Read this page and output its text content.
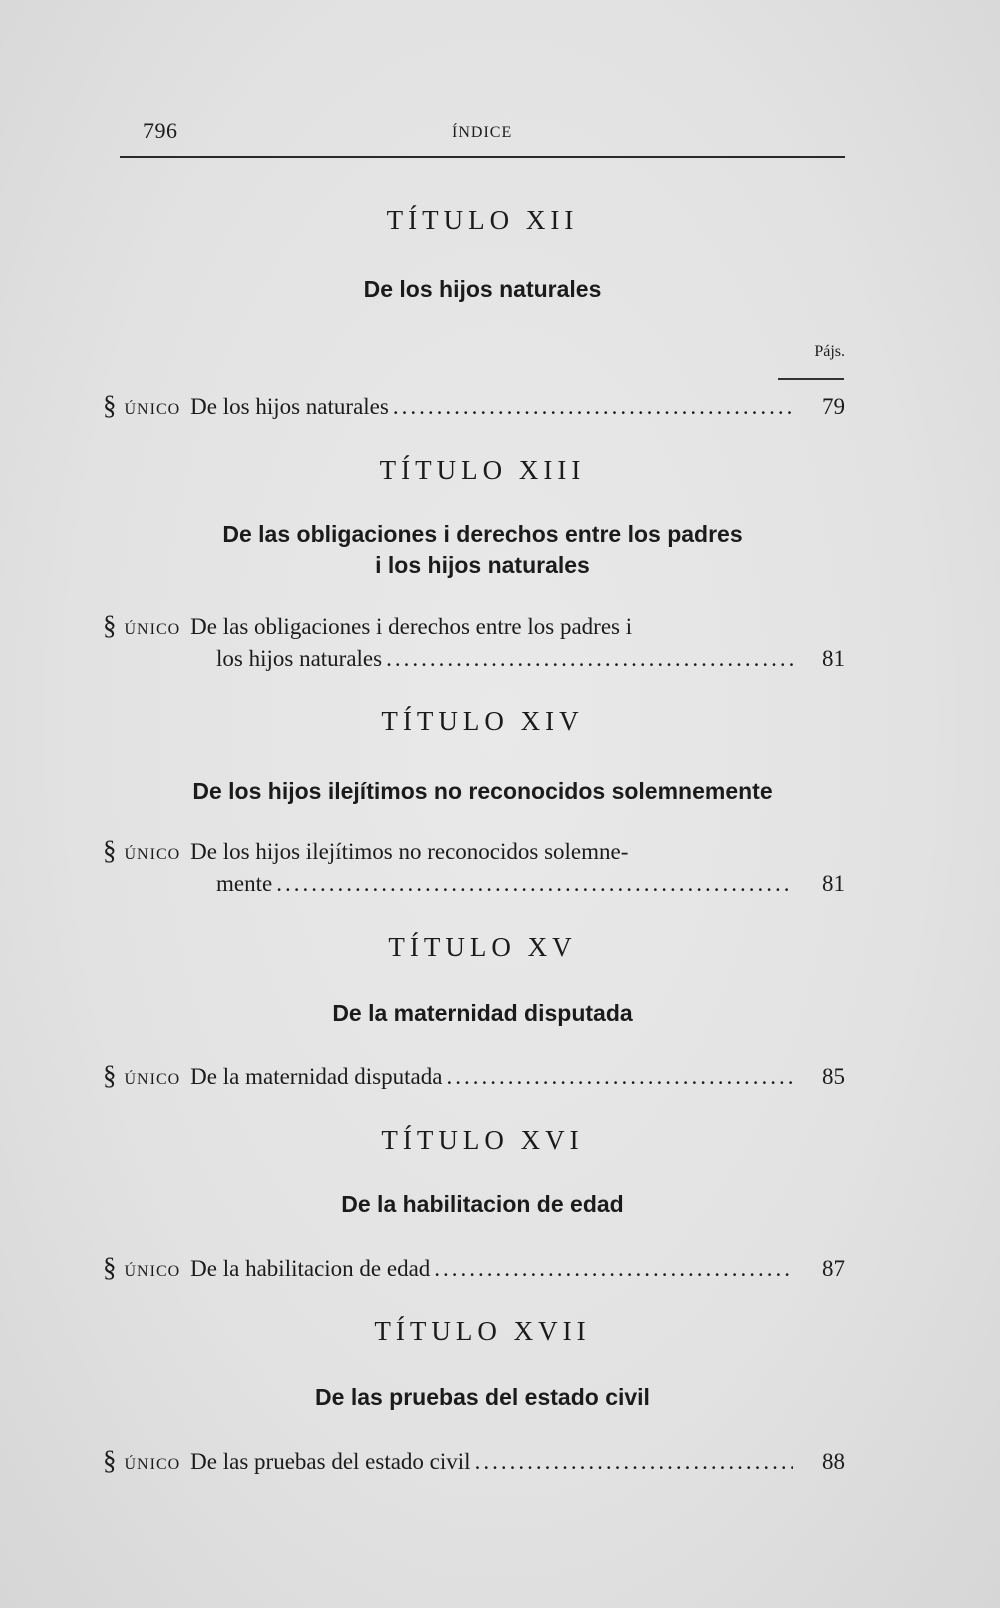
796	ÍNDICE
TÍTULO XII
De los hijos naturales
Pájs.
§ único De los hijos naturales .....	79
TÍTULO XIII
De las obligaciones i derechos entre los padres
i los hijos naturales
§ único De las obligaciones i derechos entre los padres i
los hijos naturales .....	81
TÍTULO XIV
De los hijos ilejítimos no reconocidos solemnemente
§ único De los hijos ilejítimos no reconocidos solemne-
mente .....	81
TÍTULO XV
De la maternidad disputada
§ único De la maternidad disputada .....	85
TÍTULO XVI
De la habilitacion de edad
§ único De la habilitacion de edad .....	87
TÍTULO XVII
De las pruebas del estado civil
§ único De las pruebas del estado civil .....	88
